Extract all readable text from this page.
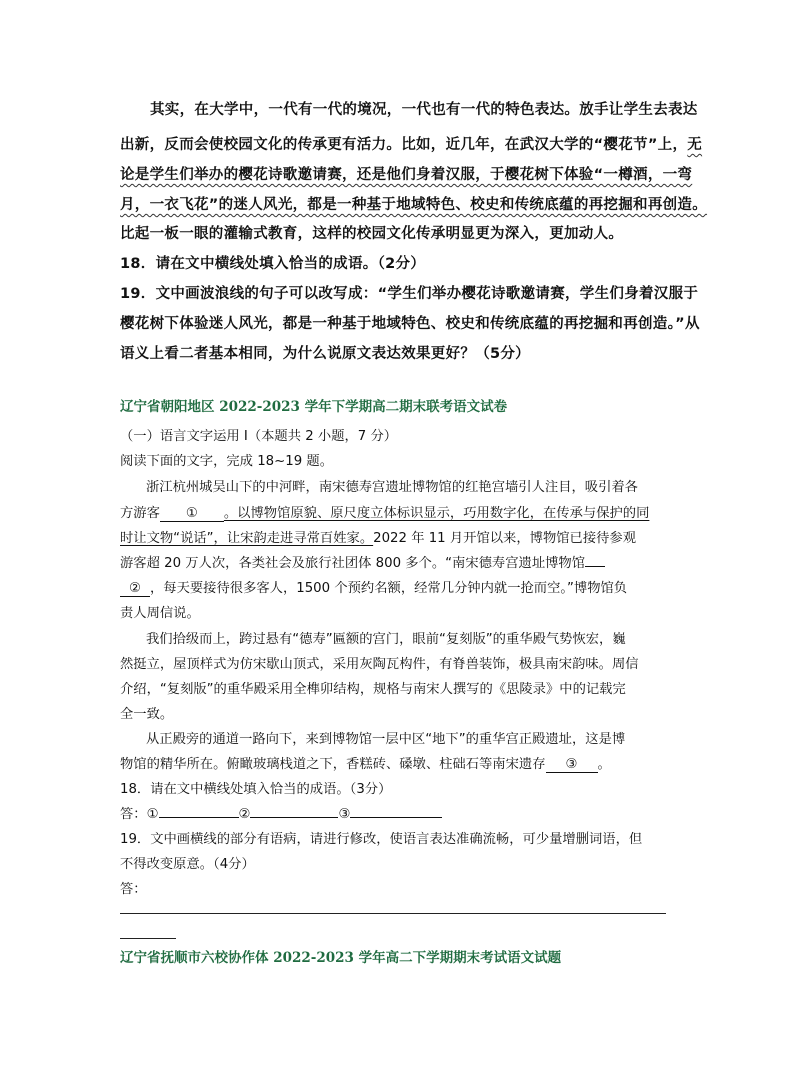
其实，在大学中，一代有一代的境况，一代也有一代的特色表达。放手让学生去表达
出新，反而会使校园文化的传承更有活力。比如，近几年，在武汉大学的“樱花节”上，无
论是学生们举办的樱花诗歌邀请赛，还是他们身着汉服，于樱花树下体验“一樽酒，一弯
月，一衣飞花”的迷人风光，都是一种基于地域特色、校史和传统底蕴的再挖掘和再创造。
比起一板一眼的灌输式教育，这样的校园文化传承明显更为深入，更加动人。
18．请在文中横线处填入恰当的成语。（2分）
19．文中画波浪线的句子可以改写成：“学生们举办樱花诗歌邀请赛，学生们身着汉服于
樱花树下体验迷人风光，都是一种基于地域特色、校史和传统底蕴的再挖掘和再创造。”从
语义上看二者基本相同，为什么说原文表达效果更好？（5分）
辽宁省朝阳地区 2022-2023 学年下学期高二期末联考语文试卷
（一）语言文字运用 Ⅰ（本题共 2 小题，7 分）
阅读下面的文字，完成 18~19 题。
浙江杭州城吴山下的中河畔，南宋德寿宫遗址博物馆的红艳宫墙引人注目，吸引着各
方游客 ① 。以博物馆原貌、原尺度立体标识显示，巧用数字化，在传承与保护的同
时让文物“说话”，让宋韵走进寻常百姓家。2022 年 11 月开馆以来，博物馆已接待参观
游客超 20 万人次，各类社会及旅行社团体 800 多个。“南宋德寿宫遗址博物馆
② ，每天要接待很多客人，1500 个预约名额，经常几分钟内就一抢而空。”博物馆负
责人周信说。
我们拾级而上，跨过悬有“德寿”匾额的宫门，眼前“复刻版”的重华殿气势恢宏，巍
然挺立，屋顶样式为仿宋歇山顶式，采用灰陶瓦构件，有脊兽装饰，极具南宋韵味。周信
介绍，“复刻版”的重华殿采用全榫卯结构，规格与南宋人撰写的《思陵录》中的记载完
全一致。
从正殿旁的通道一路向下，来到博物馆一层中区“地下”的重华宫正殿遗址，这是博
物馆的精华所在。俯瞰玻璃栈道之下，香糕砖、磉墩、柱础石等南宋遗存 ③ 。
18．请在文中横线处填入恰当的成语。（3分）
答：①	②	③
19．文中画横线的部分有语病，请进行修改，使语言表达准确流畅，可少量增删词语，但
不得改变原意。（4分）
答：
辽宁省抚顺市六校协作体 2022-2023 学年高二下学期期末考试语文试题
